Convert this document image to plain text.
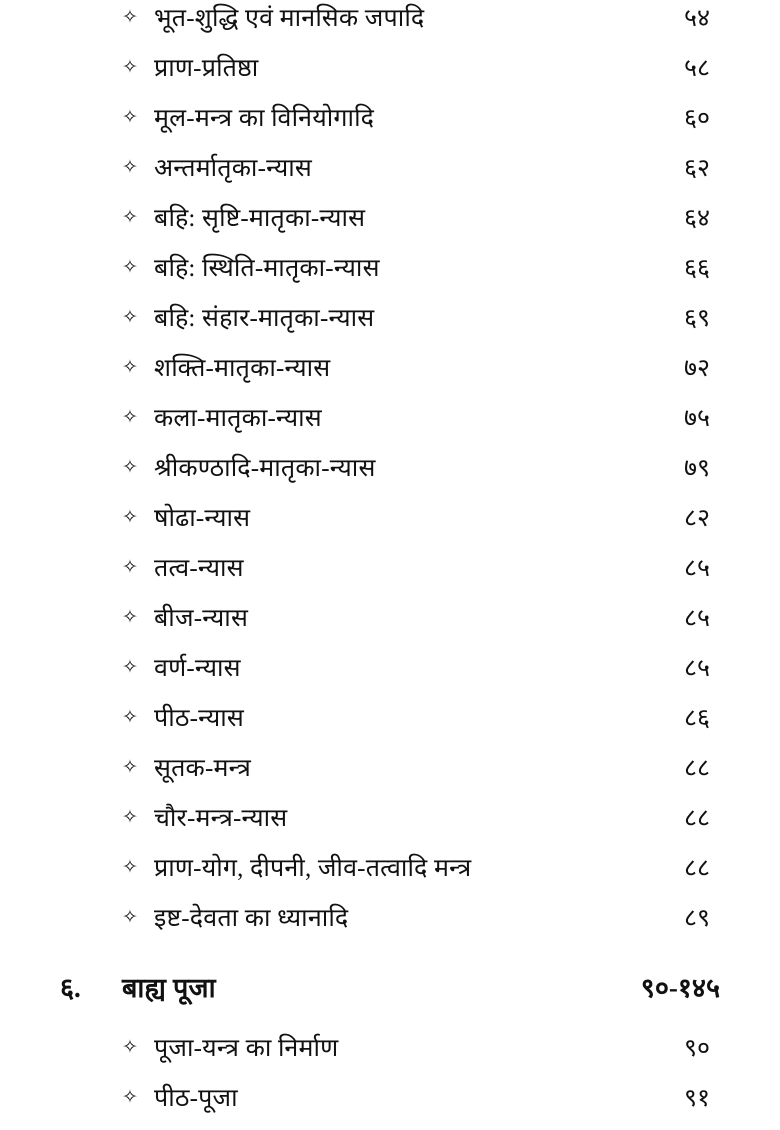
✧ भूत-शुद्धि एवं मानसिक जपादि	५४
✧ प्राण-प्रतिष्ठा	५८
✧ मूल-मन्त्र का विनियोगादि	६०
✧ अन्तर्मातृका-न्यास	६२
✧ बहि: सृष्टि-मातृका-न्यास	६४
✧ बहि: स्थिति-मातृका-न्यास	६६
✧ बहि: संहार-मातृका-न्यास	६९
✧ शक्ति-मातृका-न्यास	७२
✧ कला-मातृका-न्यास	७५
✧ श्रीकण्ठादि-मातृका-न्यास	७९
✧ षोढा-न्यास	८२
✧ तत्व-न्यास	८५
✧ बीज-न्यास	८५
✧ वर्ण-न्यास	८५
✧ पीठ-न्यास	८६
✧ सूतक-मन्त्र	८८
✧ चौर-मन्त्र-न्यास	८८
✧ प्राण-योग, दीपनी, जीव-तत्वादि मन्त्र	८८
✧ इष्ट-देवता का ध्यानादि	८९
६.	बाह्य पूजा	९०-१४५
✧ पूजा-यन्त्र का निर्माण	९०
✧ पीठ-पूजा	९१
